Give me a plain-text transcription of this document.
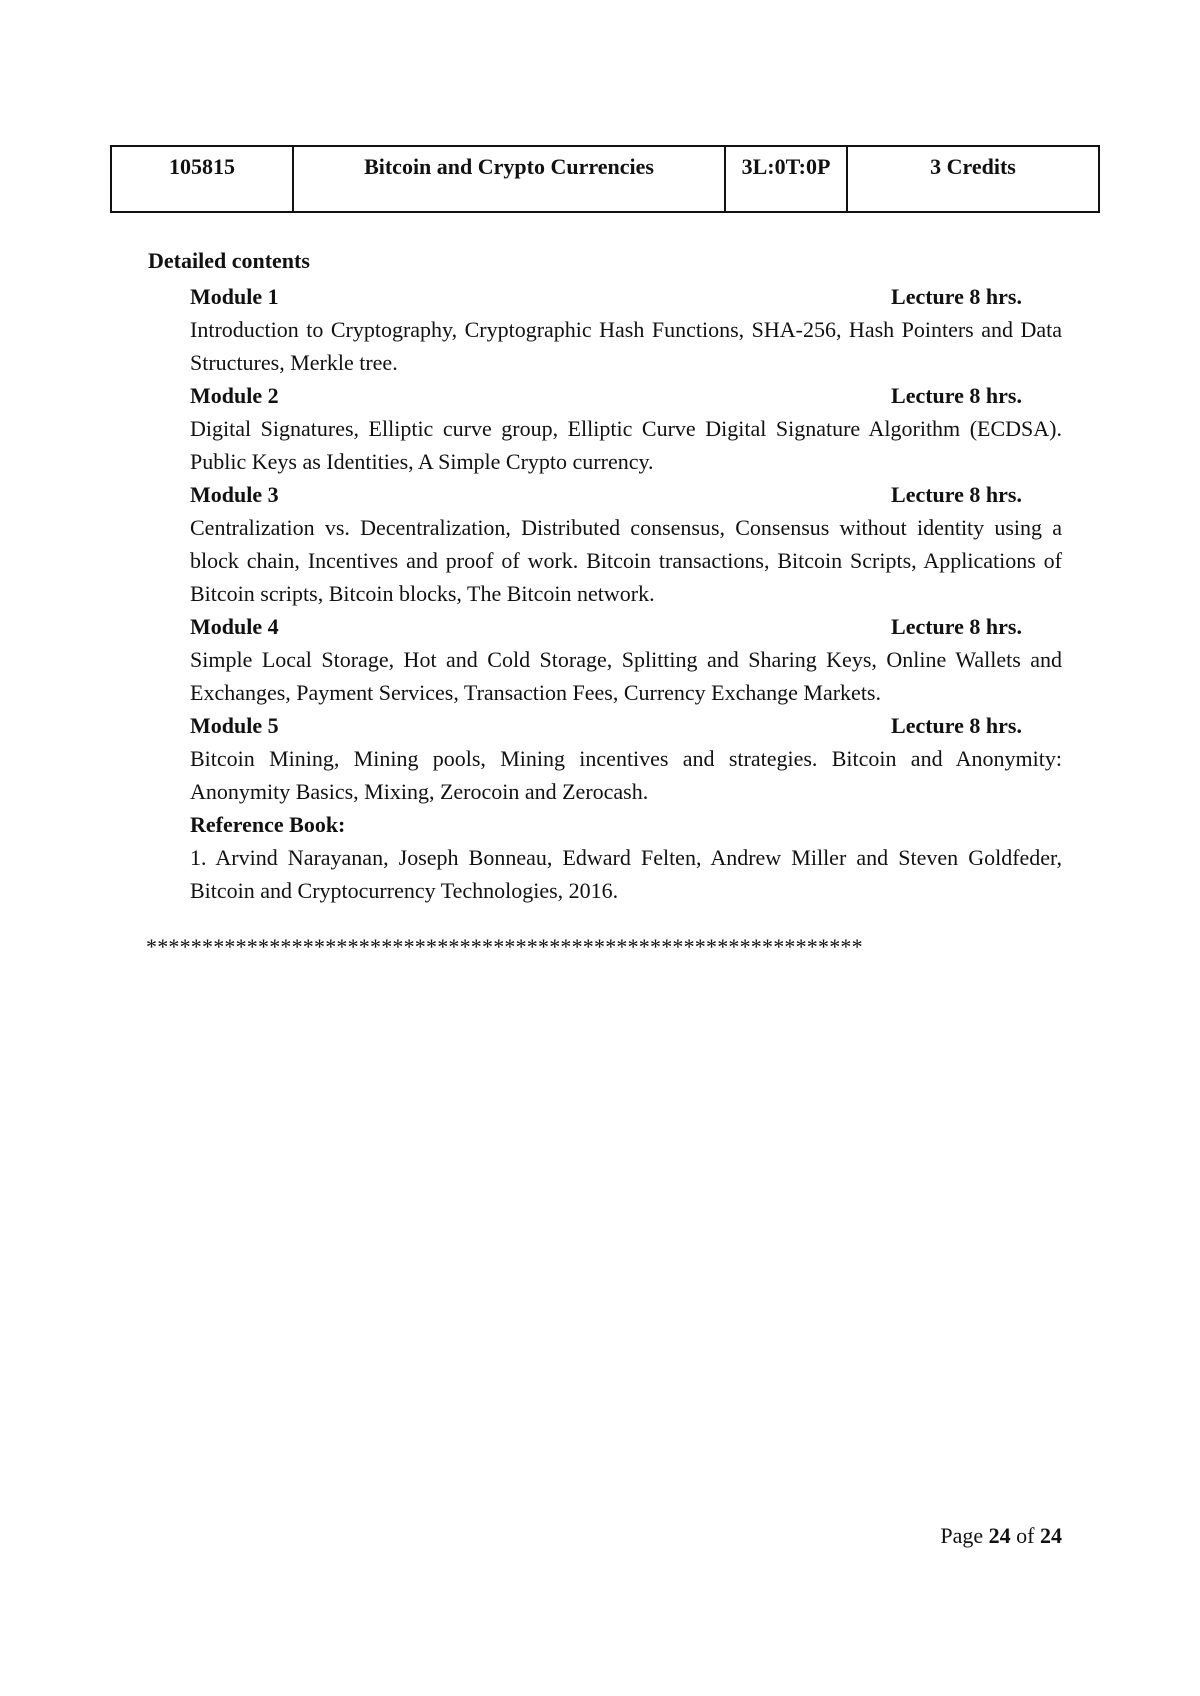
105815	Bitcoin and Crypto Currencies	3L:0T:0P	3 Credits
Detailed contents
Module 1	Lecture 8 hrs.
Introduction to Cryptography, Cryptographic Hash Functions, SHA-256, Hash Pointers and Data Structures, Merkle tree.
Module 2	Lecture 8 hrs.
Digital Signatures, Elliptic curve group, Elliptic Curve Digital Signature Algorithm (ECDSA). Public Keys as Identities, A Simple Crypto currency.
Module 3	Lecture 8 hrs.
Centralization vs. Decentralization, Distributed consensus, Consensus without identity using a block chain, Incentives and proof of work. Bitcoin transactions, Bitcoin Scripts, Applications of Bitcoin scripts, Bitcoin blocks, The Bitcoin network.
Module 4	Lecture 8 hrs.
Simple Local Storage, Hot and Cold Storage, Splitting and Sharing Keys, Online Wallets and Exchanges, Payment Services, Transaction Fees, Currency Exchange Markets.
Module 5	Lecture 8 hrs.
Bitcoin Mining, Mining pools, Mining incentives and strategies. Bitcoin and Anonymity: Anonymity Basics, Mixing, Zerocoin and Zerocash.
Reference Book:
1. Arvind Narayanan, Joseph Bonneau, Edward Felten, Andrew Miller and Steven Goldfeder, Bitcoin and Cryptocurrency Technologies, 2016.
****************************************************************
Page 24 of 24
